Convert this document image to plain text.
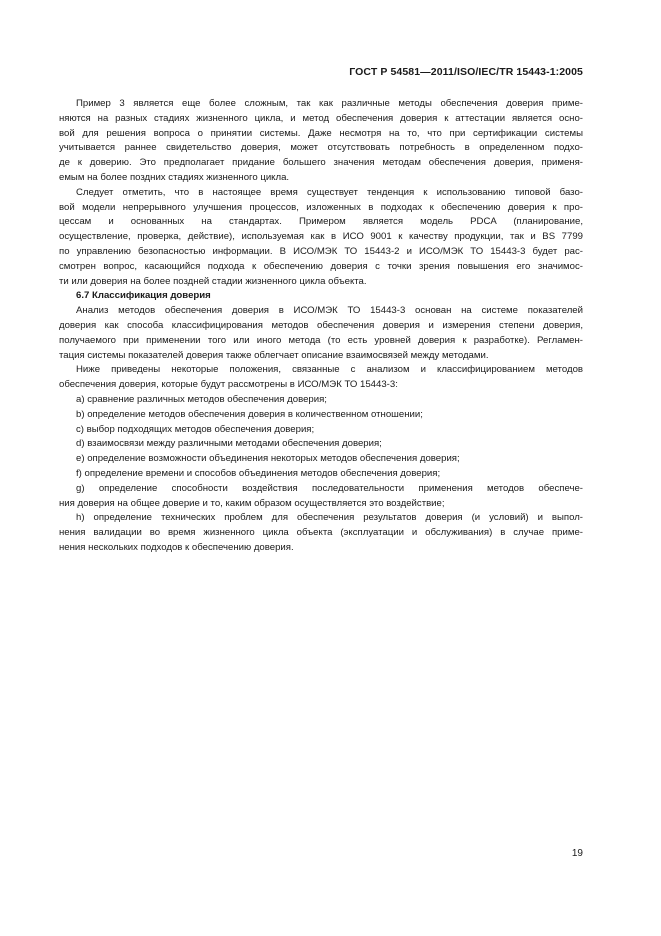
ГОСТ Р 54581—2011/ISO/IEC/TR 15443-1:2005
Пример 3 является еще более сложным, так как различные методы обеспечения доверия приме-
няются на разных стадиях жизненного цикла, и метод обеспечения доверия к аттестации является осно-
вой для решения вопроса о принятии системы. Даже несмотря на то, что при сертификации системы
учитывается раннее свидетельство доверия, может отсутствовать потребность в определенном подхо-
де к доверию. Это предполагает придание большего значения методам обеспечения доверия, применя-
емым на более поздних стадиях жизненного цикла.
Следует отметить, что в настоящее время существует тенденция к использованию типовой базо-
вой модели непрерывного улучшения процессов, изложенных в подходах к обеспечению доверия к про-
цессам и основанных на стандартах. Примером является модель PDCA (планирование,
осуществление, проверка, действие), используемая как в ИСО 9001 к качеству продукции, так и BS 7799
по управлению безопасностью информации. В ИСО/МЭК ТО 15443-2 и ИСО/МЭК ТО 15443-3 будет рас-
смотрен вопрос, касающийся подхода к обеспечению доверия с точки зрения повышения его значимос-
ти или доверия на более поздней стадии жизненного цикла объекта.
6.7 Классификация доверия
Анализ методов обеспечения доверия в ИСО/МЭК ТО 15443-3 основан на системе показателей
доверия как способа классифицирования методов обеспечения доверия и измерения степени доверия,
получаемого при применении того или иного метода (то есть уровней доверия к разработке). Регламен-
тация системы показателей доверия также облегчает описание взаимосвязей между методами.
Ниже приведены некоторые положения, связанные с анализом и классифицированием методов
обеспечения доверия, которые будут рассмотрены в ИСО/МЭК ТО 15443-3:
a) сравнение различных методов обеспечения доверия;
b) определение методов обеспечения доверия в количественном отношении;
c) выбор подходящих методов обеспечения доверия;
d) взаимосвязи между различными методами обеспечения доверия;
e) определение возможности объединения некоторых методов обеспечения доверия;
f) определение времени и способов объединения методов обеспечения доверия;
g) определение способности воздействия последовательности применения методов обеспече-
ния доверия на общее доверие и то, каким образом осуществляется это воздействие;
h) определение технических проблем для обеспечения результатов доверия (и условий) и выпол-
нения валидации во время жизненного цикла объекта (эксплуатации и обслуживания) в случае приме-
нения нескольких подходов к обеспечению доверия.
19
